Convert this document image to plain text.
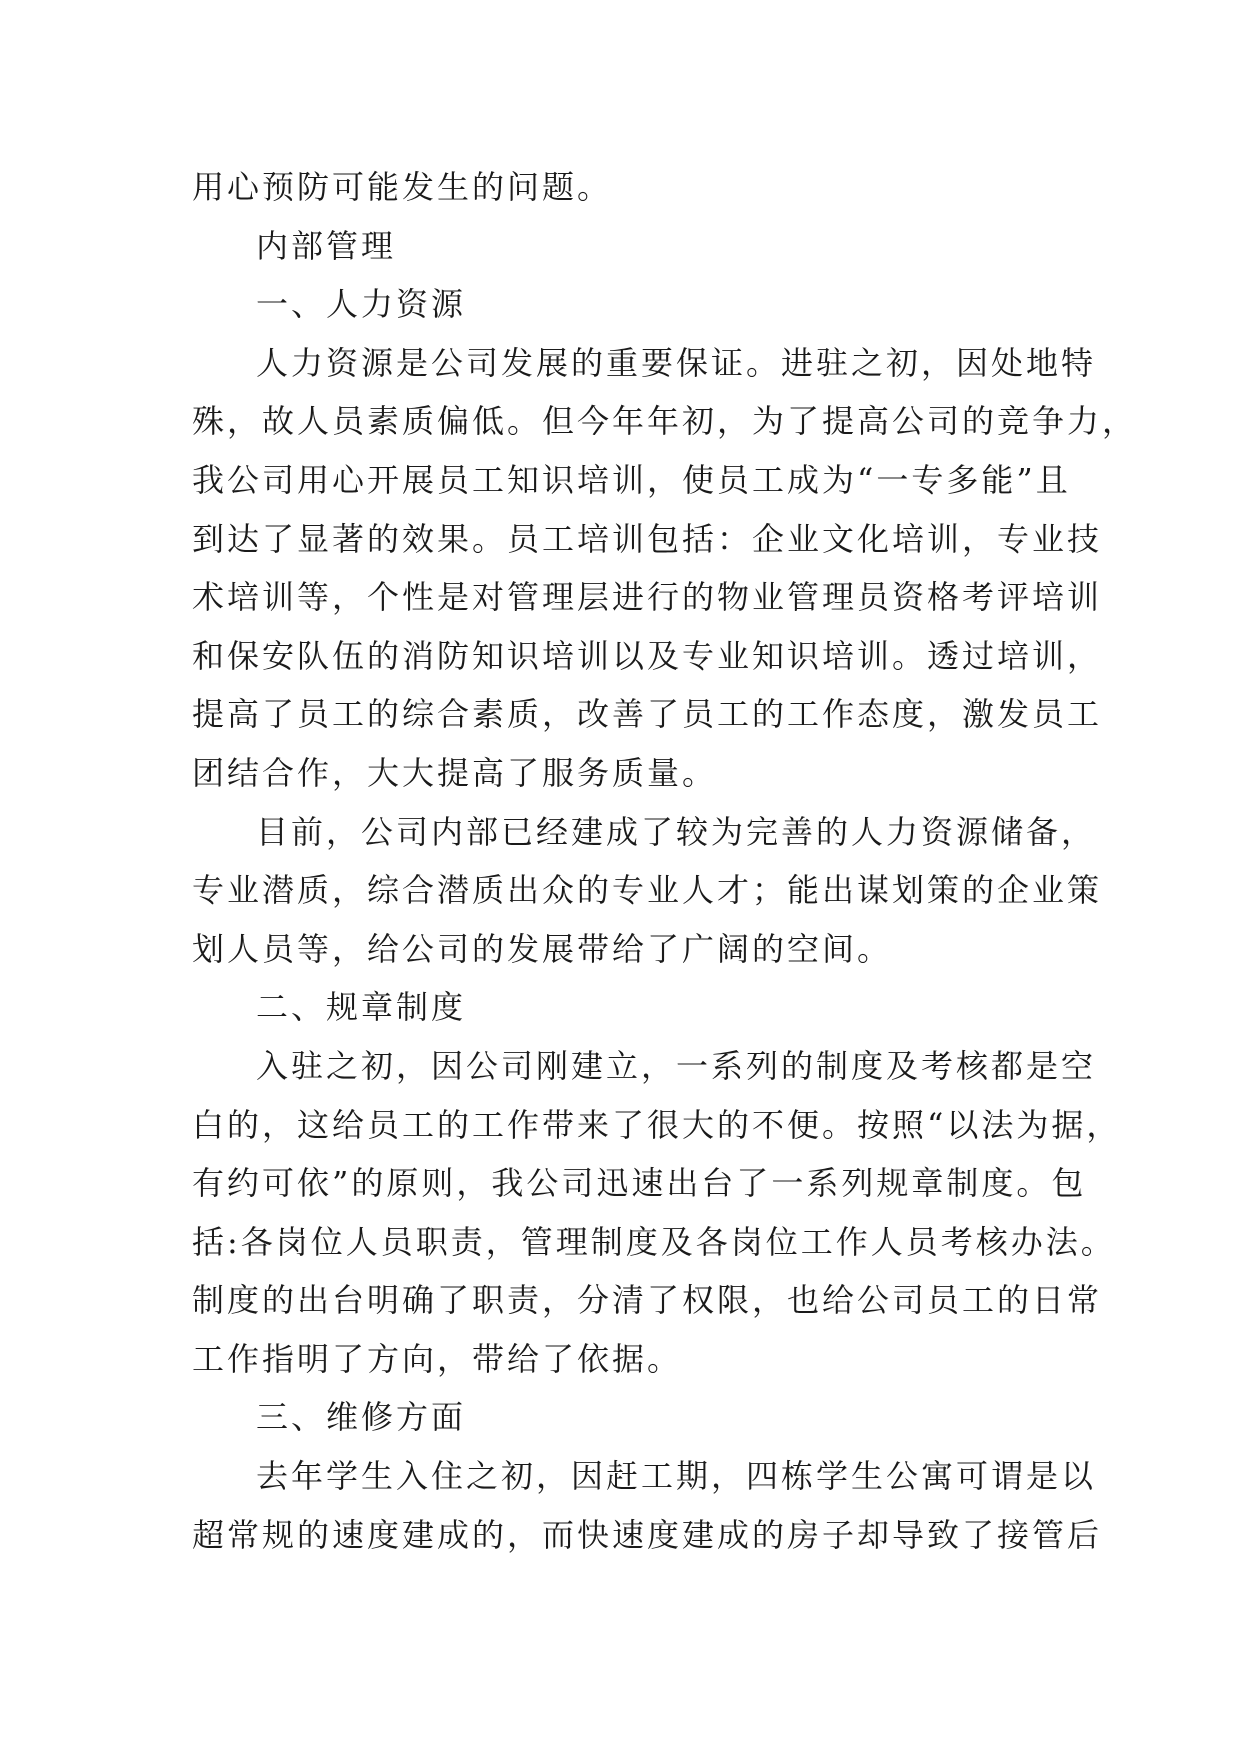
用心预防可能发生的问题。
内部管理
一、人力资源
人力资源是公司发展的重要保证。进驻之初，因处地特
殊，故人员素质偏低。但今年年初，为了提高公司的竞争力，
我公司用心开展员工知识培训，使员工成为“一专多能”且
到达了显著的效果。员工培训包括：企业文化培训，专业技
术培训等，个性是对管理层进行的物业管理员资格考评培训
和保安队伍的消防知识培训以及专业知识培训。透过培训，
提高了员工的综合素质，改善了员工的工作态度，激发员工
团结合作，大大提高了服务质量。
目前，公司内部已经建成了较为完善的人力资源储备，
专业潜质，综合潜质出众的专业人才；能出谋划策的企业策
划人员等，给公司的发展带给了广阔的空间。
二、规章制度
入驻之初，因公司刚建立，一系列的制度及考核都是空
白的，这给员工的工作带来了很大的不便。按照“以法为据，
有约可依”的原则，我公司迅速出台了一系列规章制度。包
括:各岗位人员职责，管理制度及各岗位工作人员考核办法。
制度的出台明确了职责，分清了权限，也给公司员工的日常
工作指明了方向，带给了依据。
三、维修方面
去年学生入住之初，因赶工期，四栋学生公寓可谓是以
超常规的速度建成的，而快速度建成的房子却导致了接管后
